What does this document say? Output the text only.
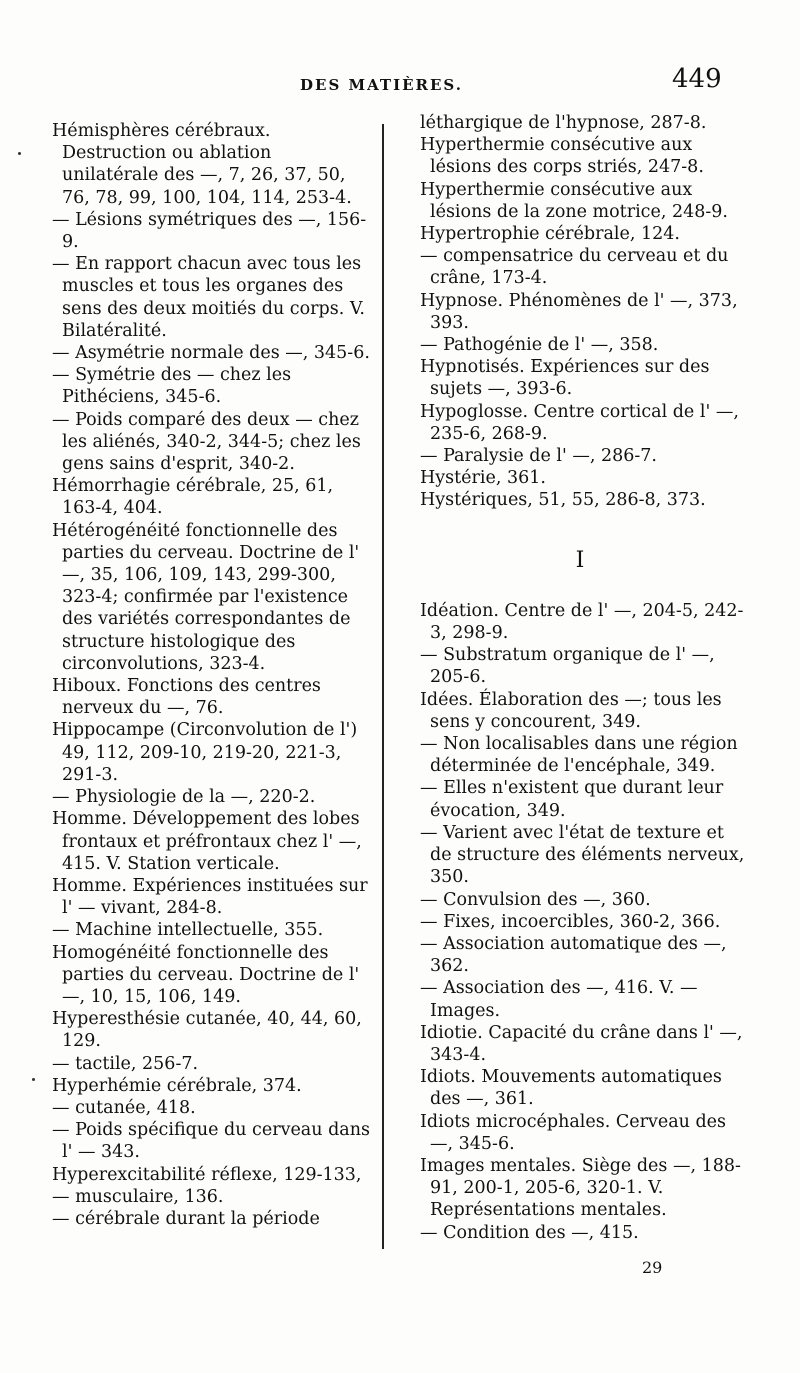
DES MATIÈRES.	449

Hémisphères cérébraux. Destruction ou ablation unilatérale des —, 7, 26, 37, 50, 76, 78, 99, 100, 104, 114, 253-4.

— Lésions symétriques des —, 156-9.

— En rapport chacun avec tous les muscles et tous les organes des sens des deux moitiés du corps. V. Bilatéralité.

— Asymétrie normale des —, 345-6.

— Symétrie des — chez les Pithéciens, 345-6.

— Poids comparé des deux — chez les aliénés, 340-2, 344-5; chez les gens sains d'esprit, 340-2.

Hémorrhagie cérébrale, 25, 61, 163-4, 404.

Hétérogénéité fonctionnelle des parties du cerveau. Doctrine de l' —, 35, 106, 109, 143, 299-300, 323-4; confirmée par l'existence des variétés correspondantes de structure histologique des circonvolutions, 323-4.

Hiboux. Fonctions des centres nerveux du —, 76.

Hippocampe (Circonvolution de l') 49, 112, 209-10, 219-20, 221-3, 291-3.

— Physiologie de la —, 220-2.

Homme. Développement des lobes frontaux et préfrontaux chez l' —, 415. V. Station verticale.

Homme. Expériences instituées sur l' — vivant, 284-8.

— Machine intellectuelle, 355.

Homogénéité fonctionnelle des parties du cerveau. Doctrine de l' —, 10, 15, 106, 149.

Hyperesthésie cutanée, 40, 44, 60, 129.

— tactile, 256-7.

Hyperhémie cérébrale, 374.

— cutanée, 418.

— Poids spécifique du cerveau dans l' — 343.

Hyperexcitabilité réflexe, 129-133,

— musculaire, 136.

— cérébrale durant la période

léthargique de l'hypnose, 287-8.

Hyperthermie consécutive aux lésions des corps striés, 247-8.

Hyperthermie consécutive aux lésions de la zone motrice, 248-9.

Hypertrophie cérébrale, 124.

— compensatrice du cerveau et du crâne, 173-4.

Hypnose. Phénomènes de l' —, 373, 393.

— Pathogénie de l' —, 358.

Hypnotisés. Expériences sur des sujets —, 393-6.

Hypoglosse. Centre cortical de l' —, 235-6, 268-9.

— Paralysie de l' —, 286-7.

Hystérie, 361.

Hystériques, 51, 55, 286-8, 373.

I

Idéation. Centre de l' —, 204-5, 242-3, 298-9.

— Substratum organique de l' —, 205-6.

Idées. Élaboration des —; tous les sens y concourent, 349.

— Non localisables dans une région déterminée de l'encéphale, 349.

— Elles n'existent que durant leur évocation, 349.

— Varient avec l'état de texture et de structure des éléments nerveux, 350.

— Convulsion des —, 360.

— Fixes, incoercibles, 360-2, 366.

— Association automatique des —, 362.

— Association des —, 416. V. — Images.

Idiotie. Capacité du crâne dans l' —, 343-4.

Idiots. Mouvements automatiques des —, 361.

Idiots microcéphales. Cerveau des —, 345-6.

Images mentales. Siège des —, 188-91, 200-1, 205-6, 320-1. V. Représentations mentales.

— Condition des —, 415.

29
